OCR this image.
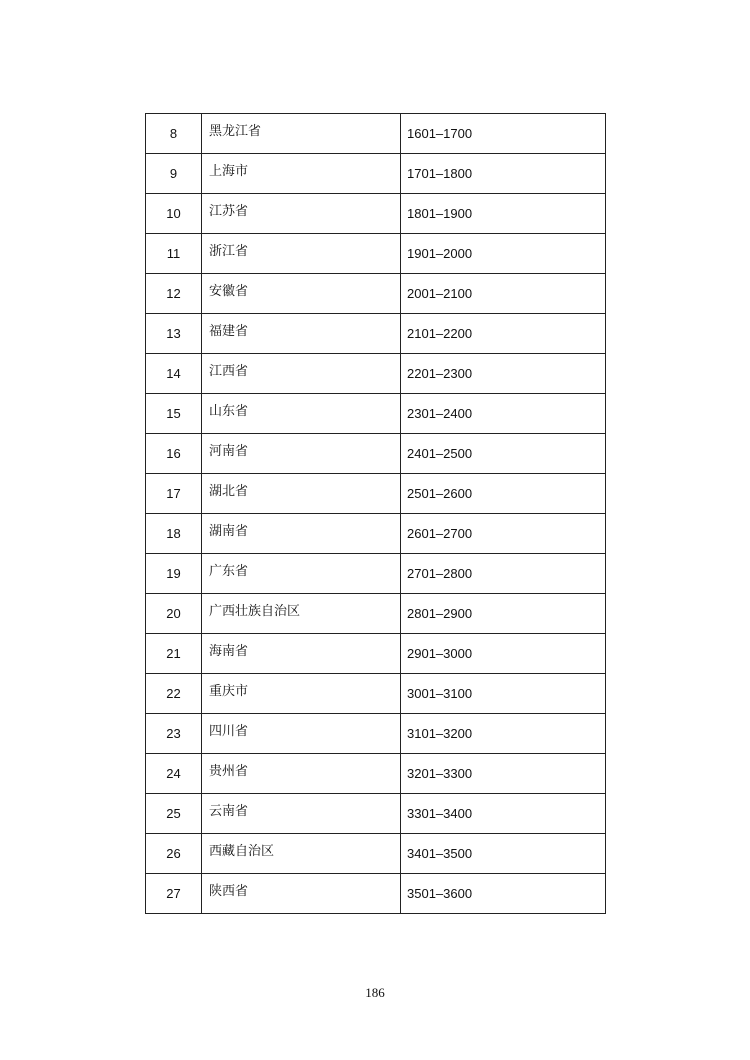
8	黑龙江省	1601–1700
9	上海市	1701–1800
10	江苏省	1801–1900
11	浙江省	1901–2000
12	安徽省	2001–2100
13	福建省	2101–2200
14	江西省	2201–2300
15	山东省	2301–2400
16	河南省	2401–2500
17	湖北省	2501–2600
18	湖南省	2601–2700
19	广东省	2701–2800
20	广西壮族自治区	2801–2900
21	海南省	2901–3000
22	重庆市	3001–3100
23	四川省	3101–3200
24	贵州省	3201–3300
25	云南省	3301–3400
26	西藏自治区	3401–3500
27	陕西省	3501–3600
186
